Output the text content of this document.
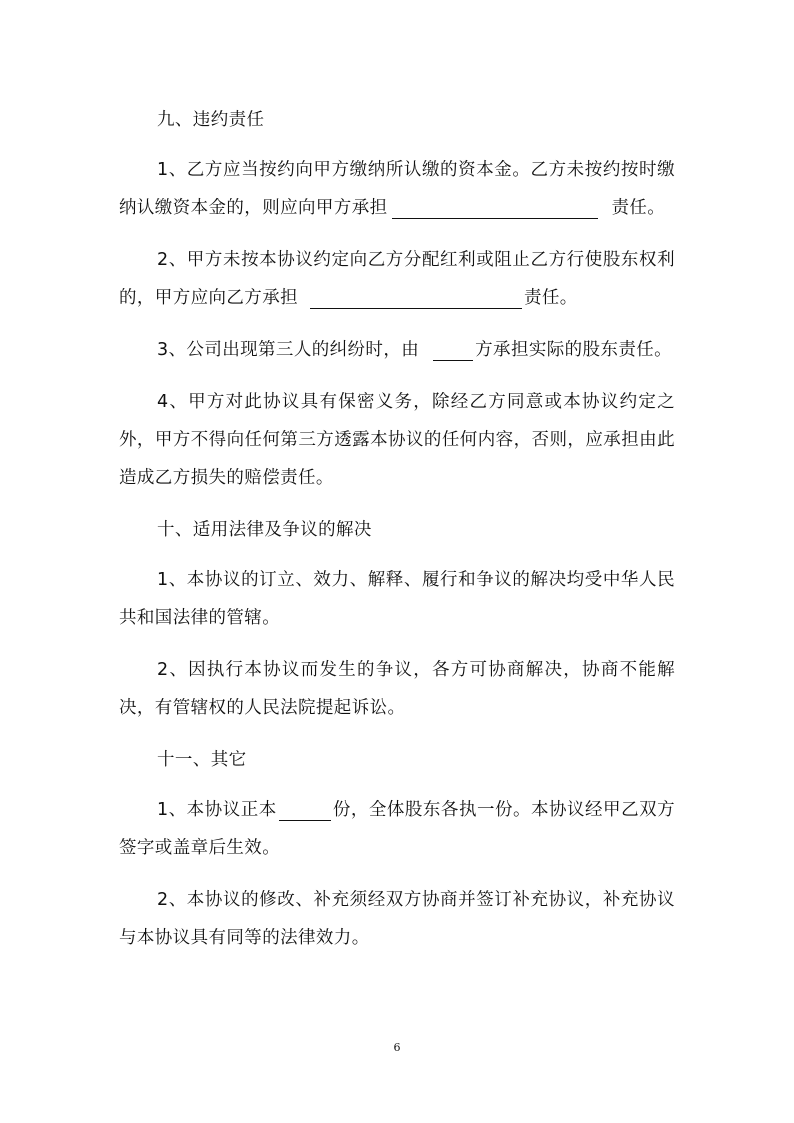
九、违约责任

1、乙方应当按约向甲方缴纳所认缴的资本金。乙方未按约按时缴纳认缴资本金的，则应向甲方承担	责任。

2、甲方未按本协议约定向乙方分配红利或阻止乙方行使股东权利的，甲方应向乙方承担	责任。

3、公司出现第三人的纠纷时，由	方承担实际的股东责任。

4、甲方对此协议具有保密义务，除经乙方同意或本协议约定之外，甲方不得向任何第三方透露本协议的任何内容，否则，应承担由此造成乙方损失的赔偿责任。

十、适用法律及争议的解决

1、本协议的订立、效力、解释、履行和争议的解决均受中华人民共和国法律的管辖。

2、因执行本协议而发生的争议，各方可协商解决，协商不能解决，有管辖权的人民法院提起诉讼。

十一、其它

1、本协议正本	份，全体股东各执一份。本协议经甲乙双方签字或盖章后生效。

2、本协议的修改、补充须经双方协商并签订补充协议，补充协议与本协议具有同等的法律效力。

6
